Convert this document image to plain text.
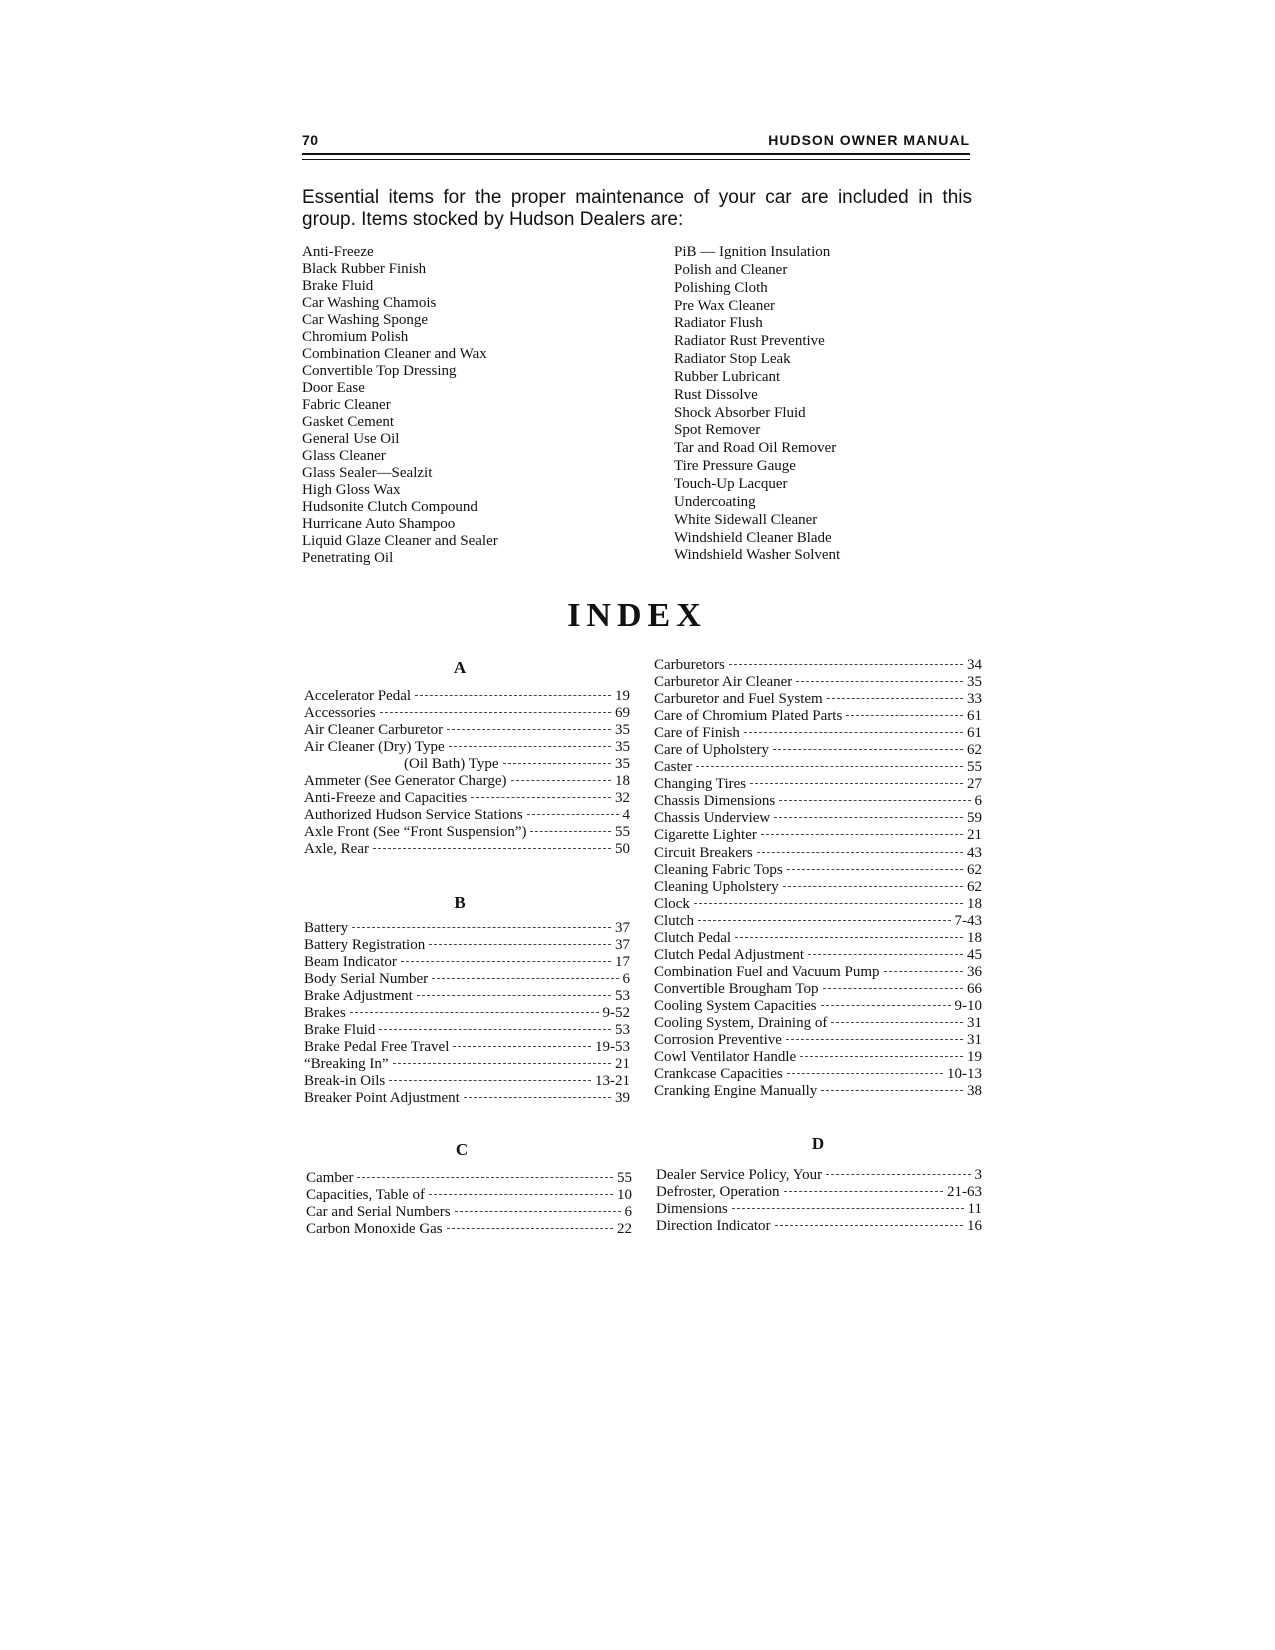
70	HUDSON OWNER MANUAL
Essential items for the proper maintenance of your car are included in this group. Items stocked by Hudson Dealers are:
Anti-Freeze
Black Rubber Finish
Brake Fluid
Car Washing Chamois
Car Washing Sponge
Chromium Polish
Combination Cleaner and Wax
Convertible Top Dressing
Door Ease
Fabric Cleaner
Gasket Cement
General Use Oil
Glass Cleaner
Glass Sealer—Sealzit
High Gloss Wax
Hudsonite Clutch Compound
Hurricane Auto Shampoo
Liquid Glaze Cleaner and Sealer
Penetrating Oil
PiB — Ignition Insulation
Polish and Cleaner
Polishing Cloth
Pre Wax Cleaner
Radiator Flush
Radiator Rust Preventive
Radiator Stop Leak
Rubber Lubricant
Rust Dissolve
Shock Absorber Fluid
Spot Remover
Tar and Road Oil Remover
Tire Pressure Gauge
Touch-Up Lacquer
Undercoating
White Sidewall Cleaner
Windshield Cleaner Blade
Windshield Washer Solvent
INDEX
A
Accelerator Pedal	19
Accessories	69
Air Cleaner Carburetor	35
Air Cleaner (Dry) Type	35
(Oil Bath) Type	35
Ammeter (See Generator Charge)	18
Anti-Freeze and Capacities	32
Authorized Hudson Service Stations	4
Axle Front (See “Front Suspension”)	55
Axle, Rear	50
B
Battery	37
Battery Registration	37
Beam Indicator	17
Body Serial Number	6
Brake Adjustment	53
Brakes	9-52
Brake Fluid	53
Brake Pedal Free Travel	19-53
“Breaking In”	21
Break-in Oils	13-21
Breaker Point Adjustment	39
Carburetors	34
Carburetor Air Cleaner	35
Carburetor and Fuel System	33
Care of Chromium Plated Parts	61
Care of Finish	61
Care of Upholstery	62
Caster	55
Changing Tires	27
Chassis Dimensions	6
Chassis Underview	59
Cigarette Lighter	21
Circuit Breakers	43
Cleaning Fabric Tops	62
Cleaning Upholstery	62
Clock	18
Clutch	7-43
Clutch Pedal	18
Clutch Pedal Adjustment	45
Combination Fuel and Vacuum Pump	36
Convertible Brougham Top	66
Cooling System Capacities	9-10
Cooling System, Draining of	31
Corrosion Preventive	31
Cowl Ventilator Handle	19
Crankcase Capacities	10-13
Cranking Engine Manually	38
C
Camber	55
Capacities, Table of	10
Car and Serial Numbers	6
Carbon Monoxide Gas	22
D
Dealer Service Policy, Your	3
Defroster, Operation	21-63
Dimensions	11
Direction Indicator	16
